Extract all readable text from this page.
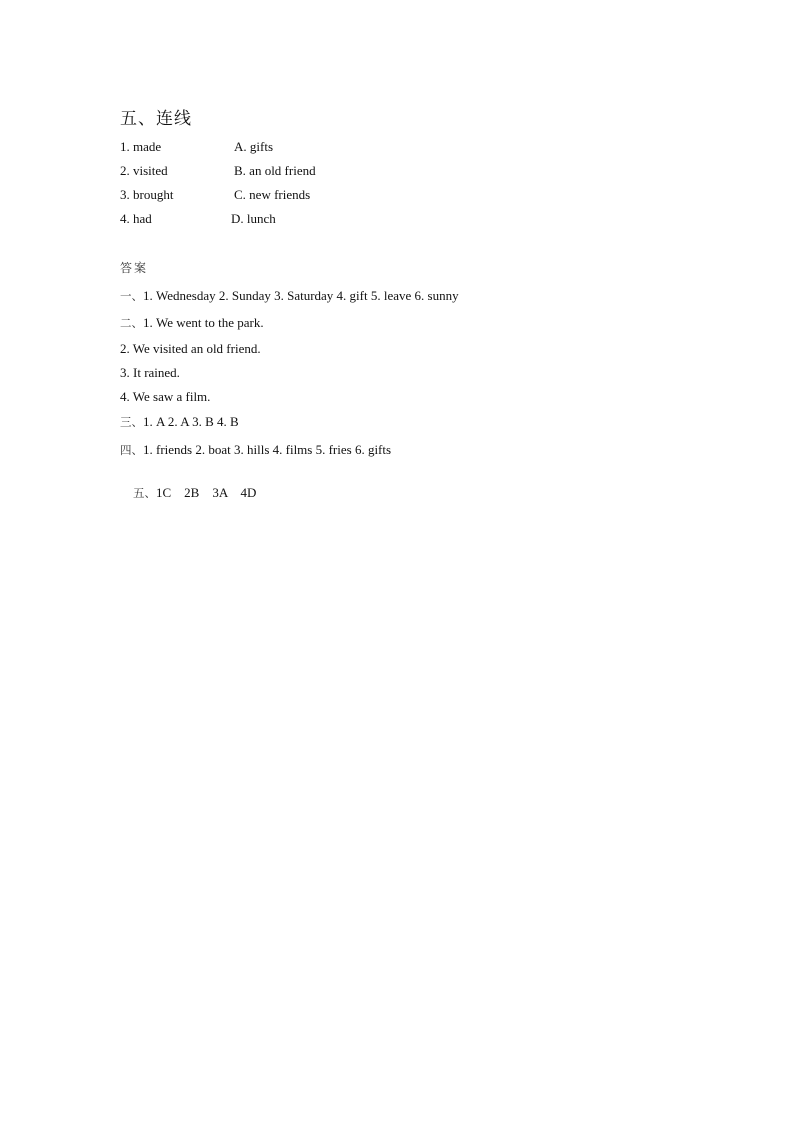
五、连线
1. made	A. gifts
2. visited	B. an old friend
3. brought	C. new friends
4. had	D. lunch
答案
一、1. Wednesday 2. Sunday 3. Saturday 4. gift 5. leave 6. sunny
二、1. We went to the park.
2. We visited an old friend.
3. It rained.
4. We saw a film.
三、1. A 2. A 3. B 4. B
四、1. friends 2. boat 3. hills 4. films 5. fries 6. gifts

五、1C    2B    3A    4D
